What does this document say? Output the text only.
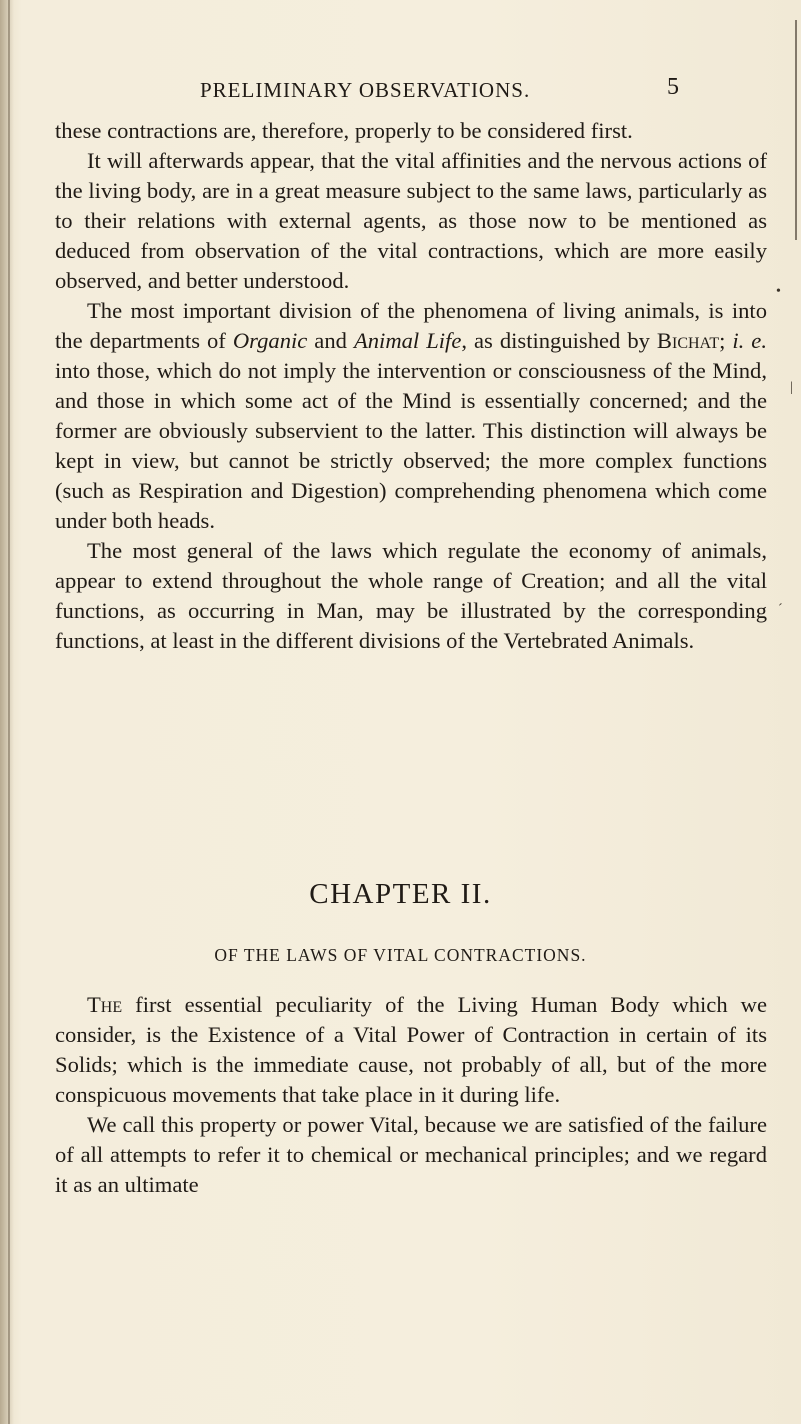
PRELIMINARY OBSERVATIONS.	5

these contractions are, therefore, properly to be considered first.

It will afterwards appear, that the vital affinities and the nervous actions of the living body, are in a great measure subject to the same laws, particularly as to their relations with external agents, as those now to be mentioned as deduced from observation of the vital contractions, which are more easily observed, and better understood.

The most important division of the phenomena of living animals, is into the departments of Organic and Animal Life, as distinguished by Bichat; i. e. into those, which do not imply the intervention or consciousness of the Mind, and those in which some act of the Mind is essentially concerned; and the former are obviously subservient to the latter. This distinction will always be kept in view, but cannot be strictly observed; the more complex functions (such as Respiration and Digestion) comprehending phenomena which come under both heads.

The most general of the laws which regulate the economy of animals, appear to extend throughout the whole range of Creation; and all the vital functions, as occurring in Man, may be illustrated by the corresponding functions, at least in the different divisions of the Vertebrated Animals.

CHAPTER II.
OF THE LAWS OF VITAL CONTRACTIONS.

The first essential peculiarity of the Living Human Body which we consider, is the Existence of a Vital Power of Contraction in certain of its Solids; which is the immediate cause, not probably of all, but of the more conspicuous movements that take place in it during life.

We call this property or power Vital, because we are satisfied of the failure of all attempts to refer it to chemical or mechanical principles; and we regard it as an ultimate

•
|
´
